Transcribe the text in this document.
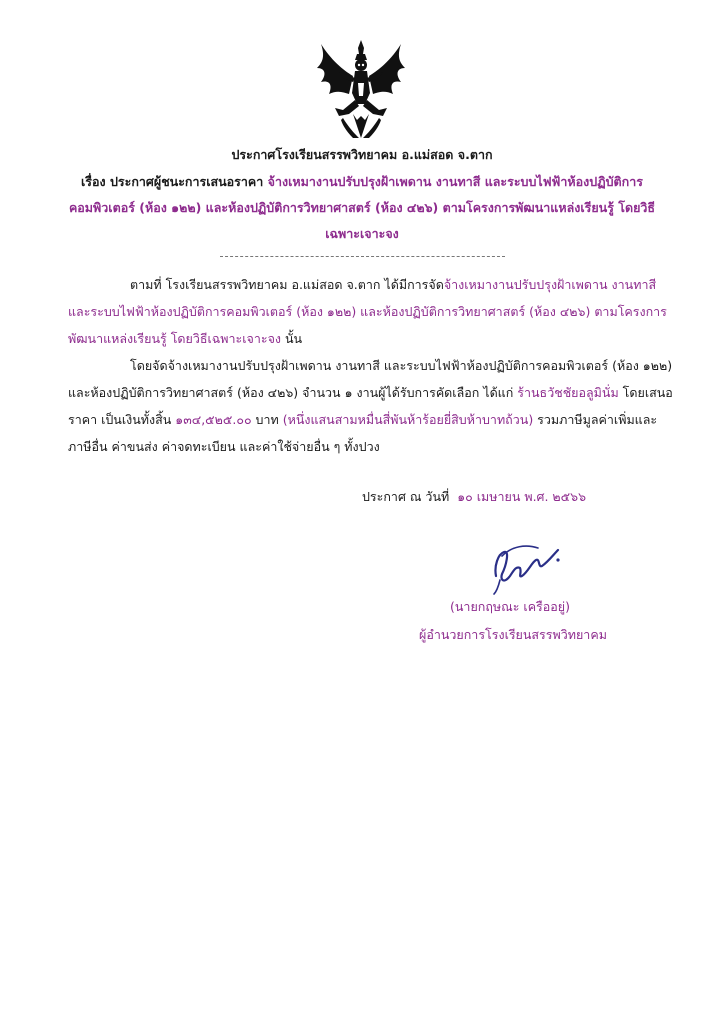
ประกาศโรงเรียนสรรพวิทยาคม อ.แม่สอด จ.ตาก
เรื่อง ประกาศผู้ชนะการเสนอราคา จ้างเหมางานปรับปรุงฝ้าเพดาน งานทาสี และระบบไฟฟ้าห้องปฏิบัติการ
คอมพิวเตอร์ (ห้อง ๑๒๒) และห้องปฏิบัติการวิทยาศาสตร์ (ห้อง ๔๒๖) ตามโครงการพัฒนาแหล่งเรียนรู้ โดยวิธี
เฉพาะเจาะจง
ตามที่ โรงเรียนสรรพวิทยาคม อ.แม่สอด จ.ตาก ได้มีการจัดจ้างเหมางานปรับปรุงฝ้าเพดาน งานทาสี
และระบบไฟฟ้าห้องปฏิบัติการคอมพิวเตอร์ (ห้อง ๑๒๒) และห้องปฏิบัติการวิทยาศาสตร์ (ห้อง ๔๒๖) ตามโครงการ
พัฒนาแหล่งเรียนรู้ โดยวิธีเฉพาะเจาะจง นั้น
โดยจัดจ้างเหมางานปรับปรุงฝ้าเพดาน งานทาสี และระบบไฟฟ้าห้องปฏิบัติการคอมพิวเตอร์ (ห้อง ๑๒๒)
และห้องปฏิบัติการวิทยาศาสตร์ (ห้อง ๔๒๖) จำนวน ๑ งานผู้ได้รับการคัดเลือก ได้แก่ ร้านธวัชชัยอลูมินั่ม โดยเสนอ
ราคา เป็นเงินทั้งสิ้น ๑๓๔,๕๒๕.๐๐ บาท (หนึ่งแสนสามหมื่นสี่พันห้าร้อยยี่สิบห้าบาทถ้วน) รวมภาษีมูลค่าเพิ่มและ
ภาษีอื่น ค่าขนส่ง ค่าจดทะเบียน และค่าใช้จ่ายอื่น ๆ ทั้งปวง
ประกาศ ณ วันที่ ๑๐ เมษายน พ.ศ. ๒๕๖๖
(นายกฤษณะ เครืออยู่)
ผู้อำนวยการโรงเรียนสรรพวิทยาคม
